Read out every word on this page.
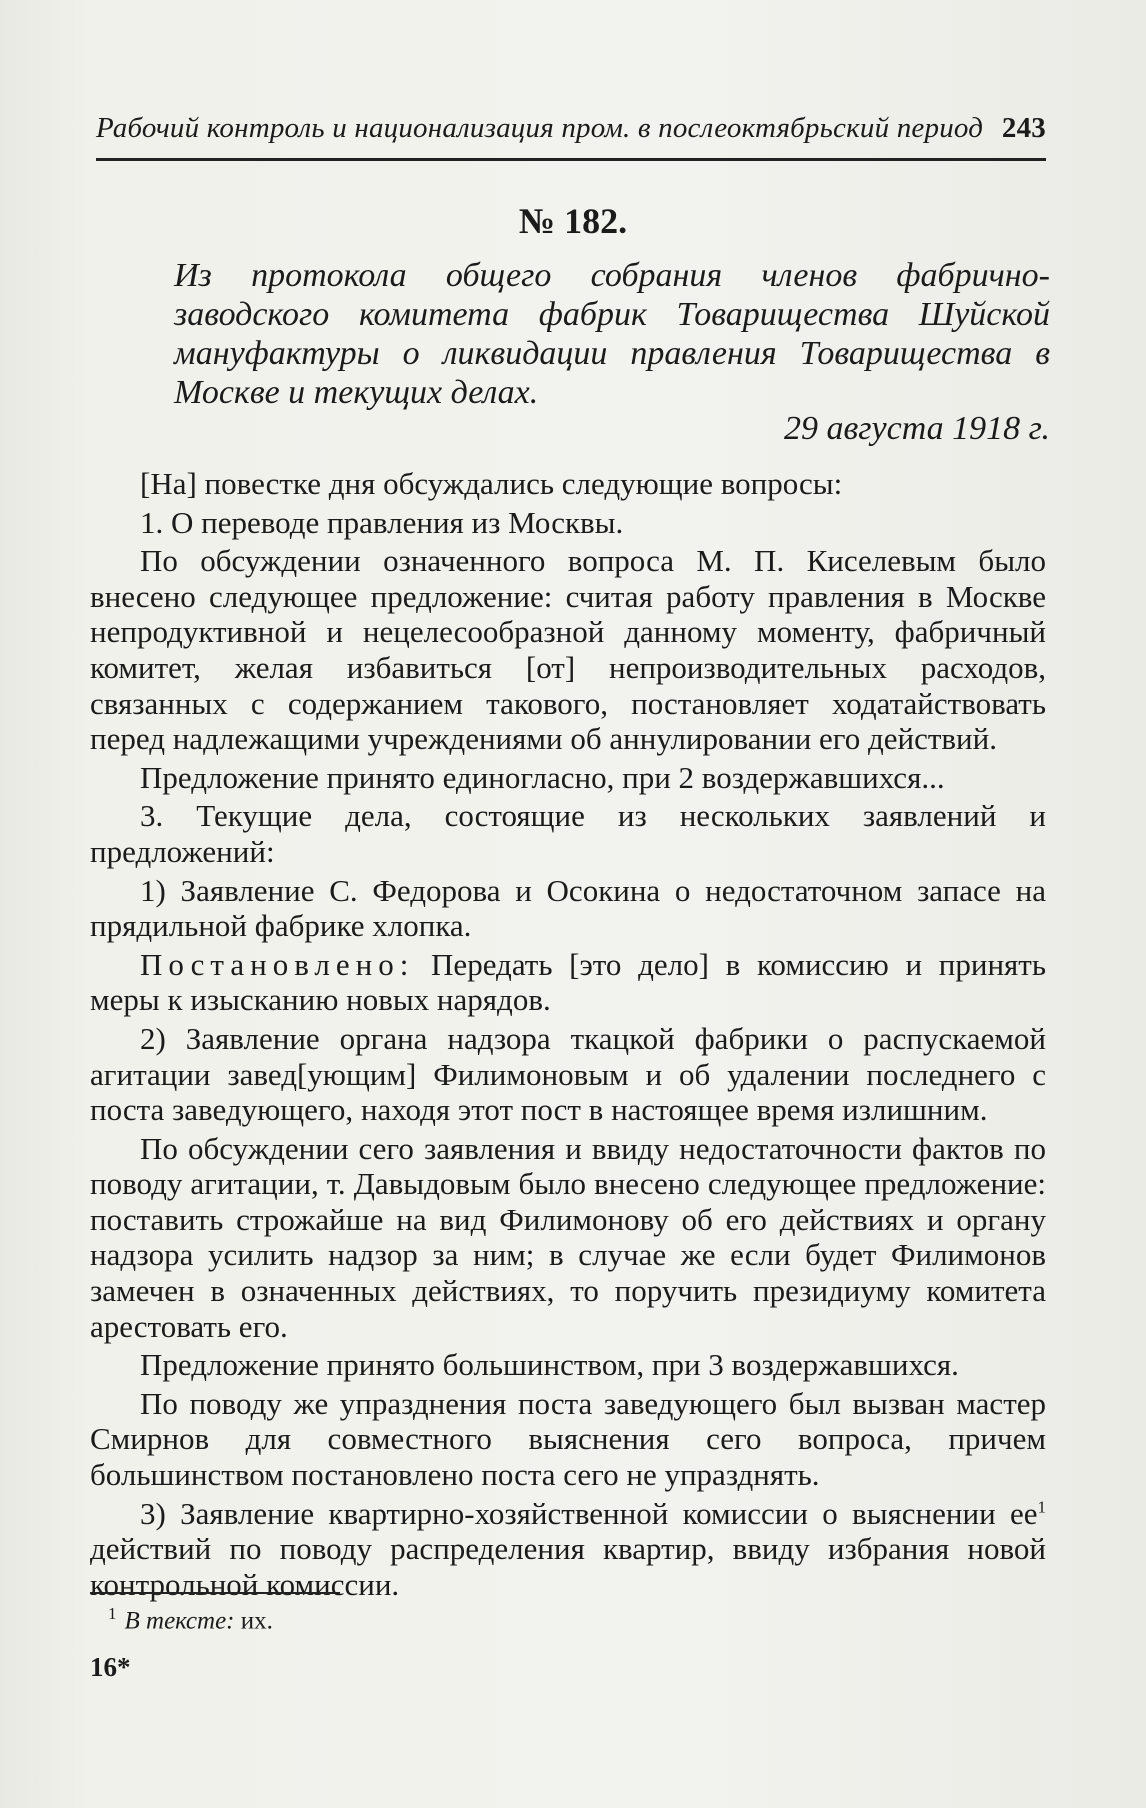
Рабочий контроль и национализация пром. в послеоктябрьский период 243
№ 182.
Из протокола общего собрания членов фабрично-заводского комитета фабрик Товарищества Шуйской мануфактуры о ликвидации правления Товарищества в Москве и текущих делах.
29 августа 1918 г.

[На] повестке дня обсуждались следующие вопросы:

1. О переводе правления из Москвы.

По обсуждении означенного вопроса М. П. Киселевым было внесено следующее предложение: считая работу правления в Москве непродуктивной и нецелесообразной данному моменту, фабричный комитет, желая избавиться [от] непроизводительных расходов, связанных с содержанием такового, постановляет ходатайствовать перед надлежащими учреждениями об аннулировании его действий.

Предложение принято единогласно, при 2 воздержавшихся...

3. Текущие дела, состоящие из нескольких заявлений и предложений:

1) Заявление С. Федорова и Осокина о недостаточном запасе на прядильной фабрике хлопка.

Постановлено: Передать [это дело] в комиссию и принять меры к изысканию новых нарядов.

2) Заявление органа надзора ткацкой фабрики о распускаемой агитации завед[ующим] Филимоновым и об удалении последнего с поста заведующего, находя этот пост в настоящее время излишним.

По обсуждении сего заявления и ввиду недостаточности фактов по поводу агитации, т. Давыдовым было внесено следующее предложение: поставить строжайше на вид Филимонову об его действиях и органу надзора усилить надзор за ним; в случае же если будет Филимонов замечен в означенных действиях, то поручить президиуму комитета арестовать его.

Предложение принято большинством, при 3 воздержавшихся.

По поводу же упразднения поста заведующего был вызван мастер Смирнов для совместного выяснения сего вопроса, причем большинством постановлено поста сего не упразднять.

3) Заявление квартирно-хозяйственной комиссии о выяснении $ее^1$ действий по поводу распределения квартир, ввиду избрания новой контрольной комиссии.

$^1$ В тексте: их.
16*
